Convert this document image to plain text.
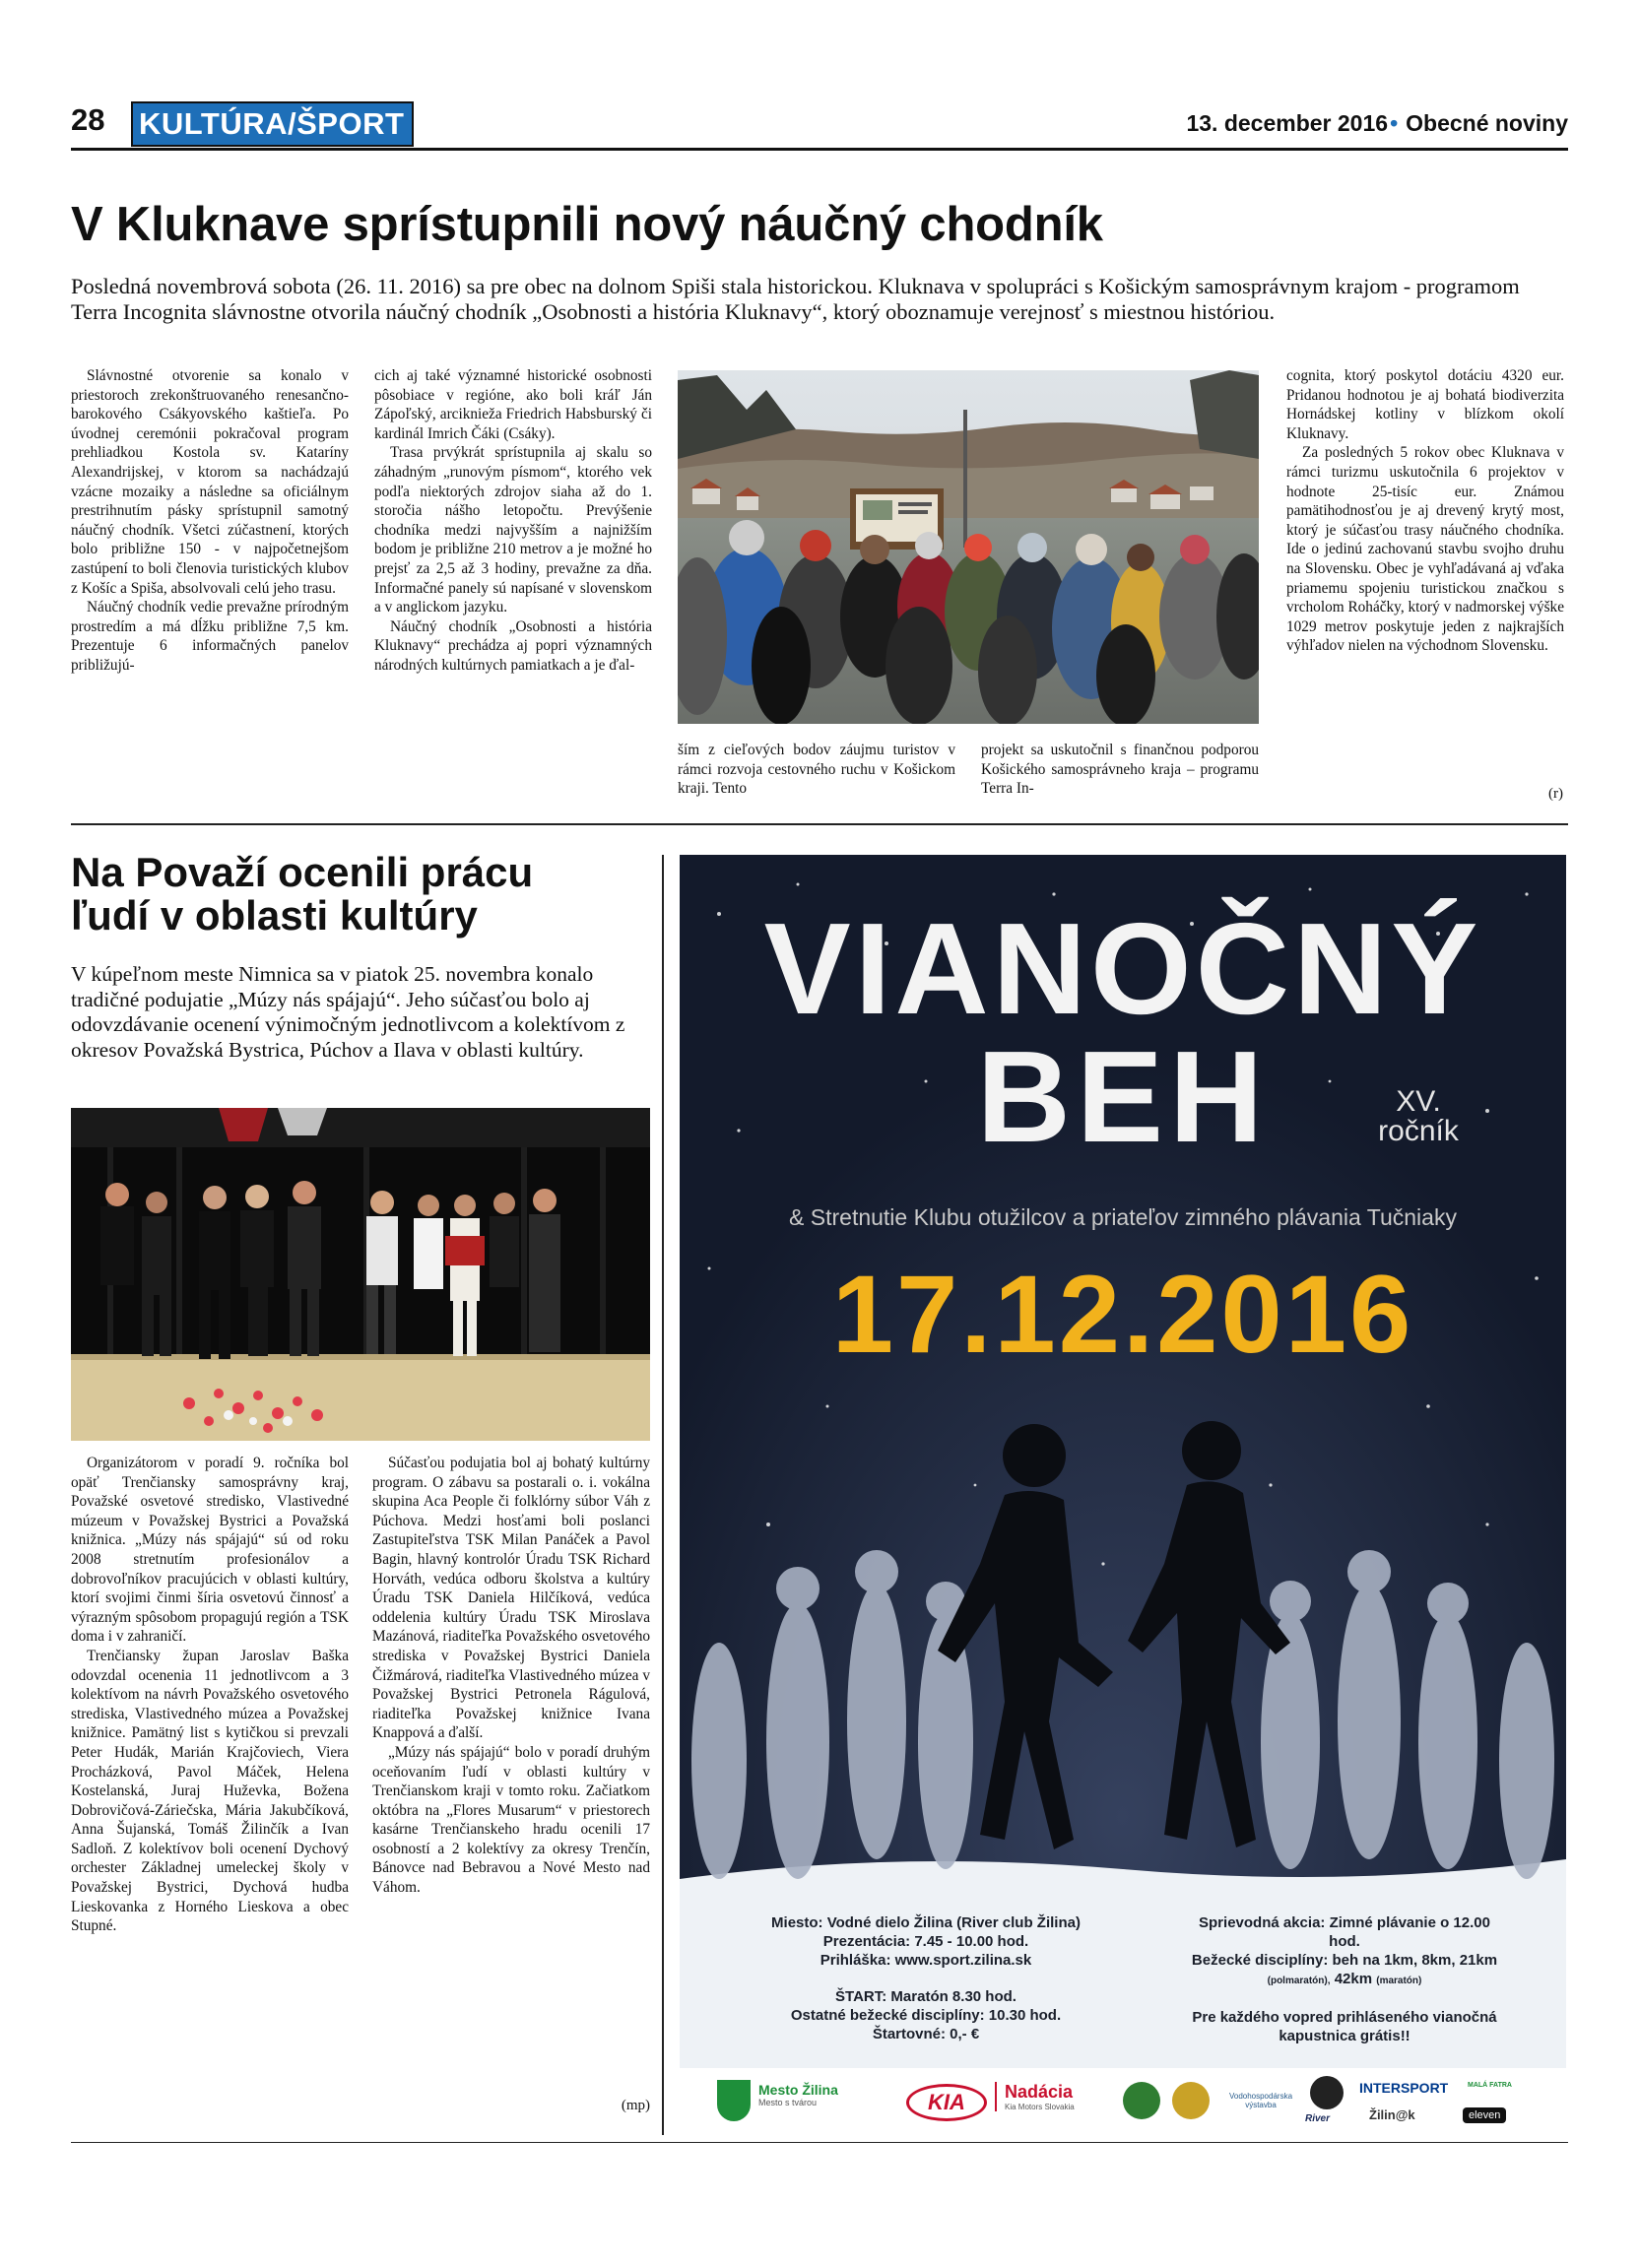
28 KULTÚRA/ŠPORT	13. december 2016• Obecné noviny
V Kluknave sprístupnili nový náučný chodník
Posledná novembrová sobota (26. 11. 2016) sa pre obec na dolnom Spiši stala historickou. Kluknava v spolupráci s Košickým samosprávnym krajom - programom Terra Incognita slávnostne otvorila náučný chodník „Osobnosti a história Kluknavy“, ktorý oboznamuje verejnosť s miestnou históriou.

Slávnostné otvorenie sa konalo v priestoroch zrekonštruovaného renesančno-barokového Csákyovského kaštieľa. Po úvodnej ceremónii pokračoval program prehliadkou Kostola sv. Kataríny Alexandrijskej, v ktorom sa nachádzajú vzácne mozaiky a následne sa oficiálnym prestrihnutím pásky sprístupnil samotný náučný chodník. Všetci zúčastnení, ktorých bolo približne 150 - v najpočetnejšom zastúpení to boli členovia turistických klubov z Košíc a Spiša, absolvovali celú jeho trasu.

Náučný chodník vedie prevažne prírodným prostredím a má dĺžku približne 7,5 km. Prezentuje 6 informačných panelov približujú-

cich aj také významné historické osobnosti pôsobiace v regióne, ako boli kráľ Ján Zápoľský, arcikniežа Friedrich Habsburský či kardinál Imrich Čáki (Csáky).

Trasa prvýkrát sprístupnila aj skalu so záhadným „runovým písmom“, ktorého vek podľa niektorých zdrojov siaha až do 1. storočia nášho letopočtu. Prevýšenie chodníka medzi najvyšším a najnižším bodom je približne 210 metrov a je možné ho prejsť za 2,5 až 3 hodiny, prevažne za dňa. Informačné panely sú napísané v slovenskom a v anglickom jazyku.

Náučný chodník „Osobnosti a história Kluknavy“ prechádza aj popri významných národných kultúrnych pamiatkach a je ďal-

ším z cieľových bodov záujmu turistov v rámci rozvoja cestovného ruchu v Košickom kraji. Tento

projekt sa uskutočnil s finančnou podporou Košického samosprávneho kraja – programu Terra In-

cognita, ktorý poskytol dotáciu 4320 eur. Pridanou hodnotou je aj bohatá biodiverzita Hornádskej kotliny v blízkom okolí Kluknavy.

Za posledných 5 rokov obec Kluknava v rámci turizmu uskutočnila 6 projektov v hodnote 25-tisíc eur. Známou pamätihodnosťou je aj drevený krytý most, ktorý je súčasťou trasy náučného chodníka. Ide o jedinú zachovanú stavbu svojho druhu na Slovensku. Obec je vyhľadávaná aj vďaka priamemu spojeniu turistickou značkou s vrcholom Roháčky, ktorý v nadmorskej výške 1029 metrov poskytuje jeden z najkrajších výhľadov nielen na východnom Slovensku.

(r)
Na Považí ocenili prácu
ľudí v oblasti kultúry
V kúpeľnom meste Nimnica sa v piatok 25. novembra konalo tradičné podujatie „Múzy nás spájajú“. Jeho súčasťou bolo aj odovzdávanie ocenení výnimočným jednotlivcom a kolektívom z okresov Považská Bystrica, Púchov a Ilava v oblasti kultúry.

Organizátorom v poradí 9. ročníka bol opäť Trenčiansky samosprávny kraj, Považské osvetové stredisko, Vlastivedné múzeum v Považskej Bystrici a Považská knižnica. „Múzy nás spájajú“ sú od roku 2008 stretnutím profesionálov a dobrovoľníkov pracujúcich v oblasti kultúry, ktorí svojimi činmi šíria osvetovú činnosť a výrazným spôsobom propagujú región a TSK doma i v zahraničí.

Trenčiansky župan Jaroslav Baška odovzdal ocenenia 11 jednotlivcom a 3 kolektívom na návrh Považského osvetového strediska, Vlastivedného múzea a Považskej knižnice. Pamätný list s kytičkou si prevzali Peter Hudák, Marián Krajčoviech, Viera Procházková, Pavol Máček, Helena Kostelanská, Juraj Huževka, Božena Dobrovičová-Záriečska, Mária Jakubčíková, Anna Šujanská, Tomáš Žilinčík a Ivan Sadloň. Z kolektívov boli ocenení Dychový orchester Základnej umeleckej školy v Považskej Bystrici, Dychová hudba Lieskovanka z Horného Lieskova a obec Stupné.

Súčasťou podujatia bol aj bohatý kultúrny program. O zábavu sa postarali o. i. vokálna skupina Aca People či folklórny súbor Váh z Púchova. Medzi hosťami boli poslanci Zastupiteľstva TSK Milan Panáček a Pavol Bagin, hlavný kontrolór Úradu TSK Richard Horváth, vedúca odboru školstva a kultúry Úradu TSK Daniela Hilčíková, vedúca oddelenia kultúry Úradu TSK Miroslava Mazánová, riaditeľka Považského osvetového strediska v Považskej Bystrici Daniela Čižmárová, riaditeľka Vlastivedného múzea v Považskej Bystrici Petronela Rágulová, riaditeľka Považskej knižnice Ivana Knappová a ďalší.

„Múzy nás spájajú“ bolo v poradí druhým oceňovaním ľudí v oblasti kultúry v Trenčianskom kraji v tomto roku. Začiatkom októbra na „Flores Musarum“ v priestorech kasárne Trenčianskeho hradu ocenili 17 osobností a 2 kolektívy za okresy Trenčín, Bánovce nad Bebravou a Nové Mesto nad Váhom.

(mp)
VIANOČNÝ
BEH	XV.
ročník
& Stretnutie Klubu otužilcov a priateľov zimného plávania Tučniaky
17.12.2016
Miesto: Vodné dielo Žilina (River club Žilina)
Prezentácia: 7.45 - 10.00 hod.
Prihláška: www.sport.zilina.sk
ŠTART: Maratón 8.30 hod.
Ostatné bežecké disciplíny: 10.30 hod.
Štartovné: 0,- €
Sprievodná akcia: Zimné plávanie o 12.00
hod.
Bežecké disciplíny: beh na 1km, 8km, 21km
(polmaratón), 42km (maratón)
Pre každého vopred prihláseného vianočná
kapustnica grátis!!
Mesto Žilina
Mesto s tvárou	KIA	Nadácia
Kia Motors Slovakia
Vodohospodárska výstavba
River
INTERSPORT
Žilin@k
MALÁ FATRA
eleven
